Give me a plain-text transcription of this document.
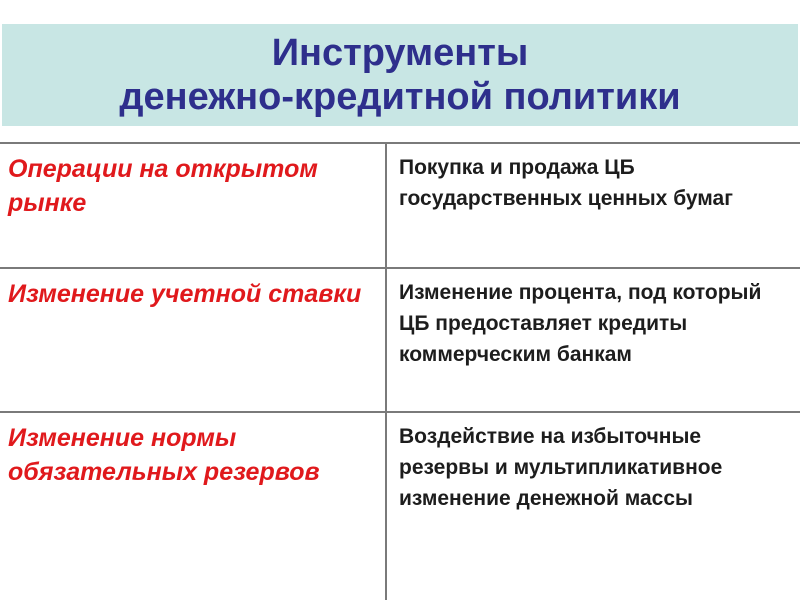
Инструменты
денежно-кредитной политики
Операции на открытом рынке	Покупка и продажа ЦБ государственных ценных бумаг

Изменение учетной ставки	Изменение процента, под который ЦБ предоставляет кредиты коммерческим банкам

Изменение нормы обязательных резервов	Воздействие на избыточные резервы и мультипликативное изменение денежной массы
